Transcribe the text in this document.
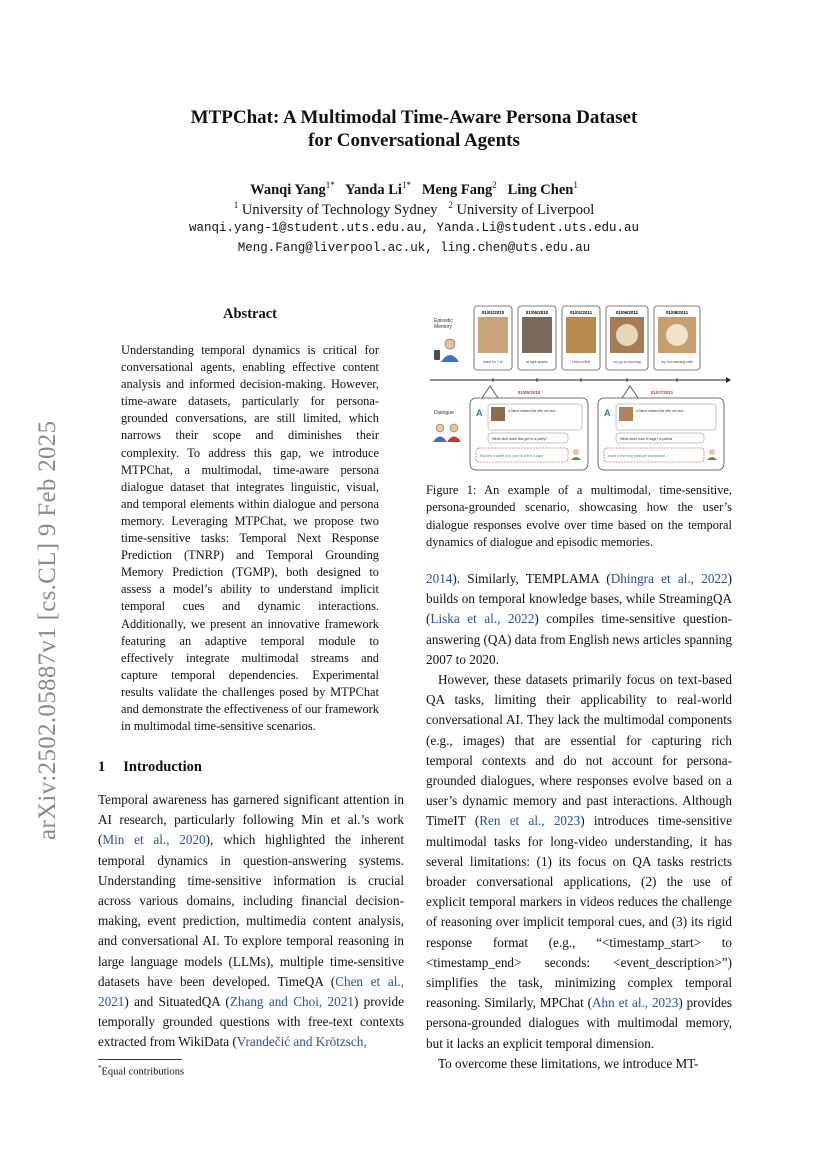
arXiv:2502.05887v1 [cs.CL] 9 Feb 2025
MTPChat: A Multimodal Time-Aware Persona Dataset
for Conversational Agents
Wanqi Yang$^{1*}$ Yanda $Li^{1*}$ Meng Fang$^2$ Ling Chen$^1$
$^1$ University of Technology Sydney $^2$ University of Liverpool
wanqi.yang-1@student.uts.edu.au, Yanda.Li@student.uts.edu.au
Meng.Fang@liverpool.ac.uk, ling.chen@uts.edu.au
Abstract
Understanding temporal dynamics is critical for conversational agents, enabling effective content analysis and informed decision-making. However, time-aware datasets, particularly for persona-grounded conversations, are still limited, which narrows their scope and diminishes their complexity. To address this gap, we introduce MTPChat, a multimodal, time-aware persona dialogue dataset that integrates linguistic, visual, and temporal elements within dialogue and persona memory. Leveraging MTPChat, we propose two time-sensitive tasks: Temporal Next Response Prediction (TNRP) and Temporal Grounding Memory Prediction (TGMP), both designed to assess a model’s ability to understand implicit temporal cues and dynamic interactions. Additionally, we present an innovative framework featuring an adaptive temporal module to effectively integrate multimodal streams and capture temporal dependencies. Experimental results validate the challenges posed by MTPChat and demonstrate the effectiveness of our framework in multimodal time-sensitive scenarios.
1 Introduction

Temporal awareness has garnered significant attention in AI research, particularly following Min et al.’s work (Min et al., 2020), which highlighted the inherent temporal dynamics in question-answering systems. Understanding time-sensitive information is crucial across various domains, including financial decision-making, event prediction, multimedia content analysis, and conversational AI. To explore temporal reasoning in large language models (LLMs), multiple time-sensitive datasets have been developed. TimeQA (Chen et al., 2021) and SituatedQA (Zhang and Choi, 2021) provide temporally grounded questions with free-text contexts extracted from WikiData (Vrandečić and Krötzsch,

*Equal contributions
Episodic
Memory
01/01/2010
toast for 1 st
01/06/2010
at light sparks
01/01/2011
I tried a first
01/06/2011
my go-to morning
01/08/2011
my hot morning cafe
Dialogue
01/05/2010
A	A friend shared this with me and...
What dish does this get to a party?
Rached a sweet ripe rose lid a fine a cape
01/07/2011
A	A friend shared this with me and...
What does how it hugs? a partial
loved in the mug pleasure acceptance...
Figure 1: An example of a multimodal, time-sensitive, persona-grounded scenario, showcasing how the user’s dialogue responses evolve over time based on the temporal dynamics of dialogue and episodic memories.

2014). Similarly, TEMPLAMA (Dhingra et al., 2022) builds on temporal knowledge bases, while StreamingQA (Liska et al., 2022) compiles time-sensitive question-answering (QA) data from English news articles spanning 2007 to 2020.

However, these datasets primarily focus on text-based QA tasks, limiting their applicability to real-world conversational AI. They lack the multimodal components (e.g., images) that are essential for capturing rich temporal contexts and do not account for persona-grounded dialogues, where responses evolve based on a user’s dynamic memory and past interactions. Although TimeIT (Ren et al., 2023) introduces time-sensitive multimodal tasks for long-video understanding, it has several limitations: (1) its focus on QA tasks restricts broader conversational applications, (2) the use of explicit temporal markers in videos reduces the challenge of reasoning over implicit temporal cues, and (3) its rigid response format (e.g., “<timestamp_start> to <timestamp_end> seconds: <event_description>”) simplifies the task, minimizing complex temporal reasoning. Similarly, MPChat (Ahn et al., 2023) provides persona-grounded dialogues with multimodal memory, but it lacks an explicit temporal dimension.

To overcome these limitations, we introduce MT-
